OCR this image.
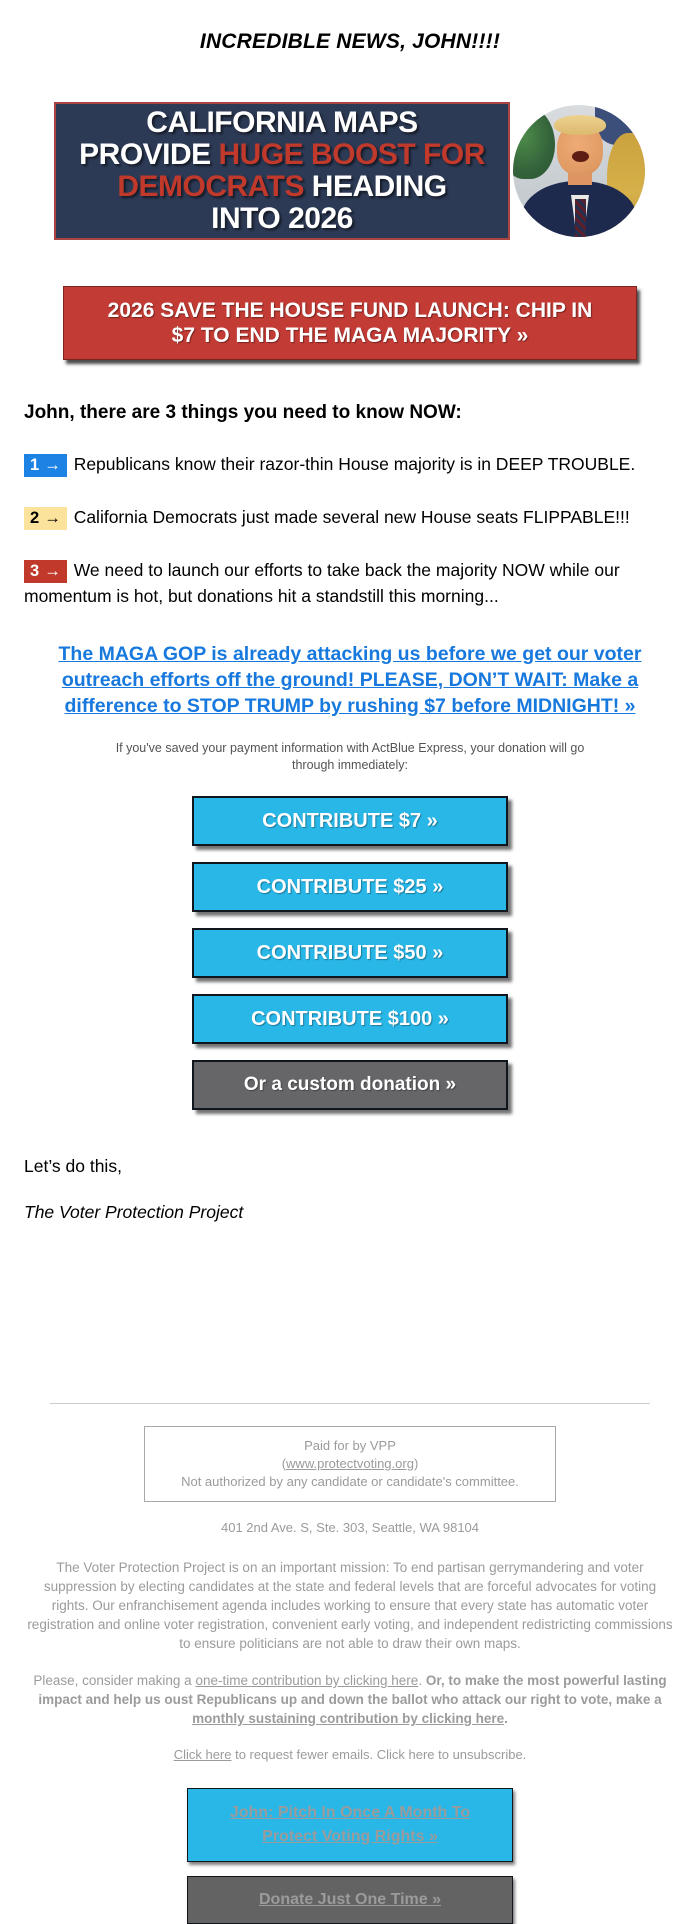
INCREDIBLE NEWS, JOHN!!!!
CALIFORNIA MAPS
PROVIDE HUGE BOOST FOR
DEMOCRATS HEADING
INTO 2026
2026 SAVE THE HOUSE FUND LAUNCH: CHIP IN $7 TO END THE MAGA MAJORITY »

John, there are 3 things you need to know NOW:

1 → Republicans know their razor-thin House majority is in DEEP TROUBLE.

2 → California Democrats just made several new House seats FLIPPABLE!!!

3 → We need to launch our efforts to take back the majority NOW while our momentum is hot, but donations hit a standstill this morning...

The MAGA GOP is already attacking us before we get our voter outreach efforts off the ground! PLEASE, DON’T WAIT: Make a difference to STOP TRUMP by rushing $7 before MIDNIGHT! »

If you've saved your payment information with ActBlue Express, your donation will go through immediately:

CONTRIBUTE $7 »
CONTRIBUTE $25 »
CONTRIBUTE $50 »
CONTRIBUTE $100 »
Or a custom donation »

Let’s do this,

The Voter Protection Project

Paid for by VPP
(www.protectvoting.org)
Not authorized by any candidate or candidate's committee.
401 2nd Ave. S, Ste. 303, Seattle, WA 98104

The Voter Protection Project is on an important mission: To end partisan gerrymandering and voter suppression by electing candidates at the state and federal levels that are forceful advocates for voting rights. Our enfranchisement agenda includes working to ensure that every state has automatic voter registration and online voter registration, convenient early voting, and independent redistricting commissions to ensure politicians are not able to draw their own maps.

Please, consider making a one-time contribution by clicking here. Or, to make the most powerful lasting impact and help us oust Republicans up and down the ballot who attack our right to vote, make a monthly sustaining contribution by clicking here.

Click here to request fewer emails. Click here to unsubscribe.

John: Pitch In Once A Month To Protect Voting Rights »
Donate Just One Time »
